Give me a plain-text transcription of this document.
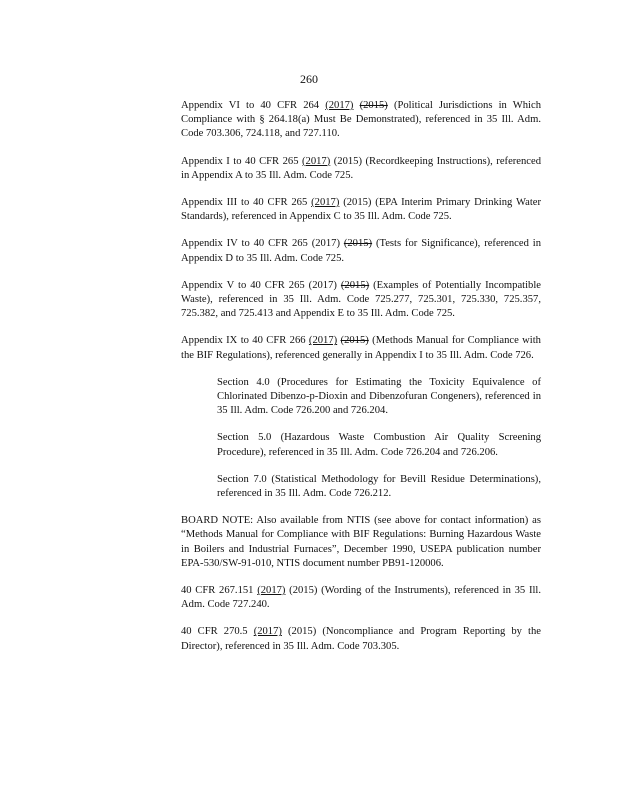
260

Appendix VI to 40 CFR 264 (2017) (2015) (Political Jurisdictions in Which Compliance with § 264.18(a) Must Be Demonstrated), referenced in 35 Ill. Adm. Code 703.306, 724.118, and 727.110.

Appendix I to 40 CFR 265 (2017) (2015) (Recordkeeping Instructions), referenced in Appendix A to 35 Ill. Adm. Code 725.

Appendix III to 40 CFR 265 (2017) (2015) (EPA Interim Primary Drinking Water Standards), referenced in Appendix C to 35 Ill. Adm. Code 725.

Appendix IV to 40 CFR 265 (2017) (2015) (Tests for Significance), referenced in Appendix D to 35 Ill. Adm. Code 725.

Appendix V to 40 CFR 265 (2017) (2015) (Examples of Potentially Incompatible Waste), referenced in 35 Ill. Adm. Code 725.277, 725.301, 725.330, 725.357, 725.382, and 725.413 and Appendix E to 35 Ill. Adm. Code 725.

Appendix IX to 40 CFR 266 (2017) (2015) (Methods Manual for Compliance with the BIF Regulations), referenced generally in Appendix I to 35 Ill. Adm. Code 726.

Section 4.0 (Procedures for Estimating the Toxicity Equivalence of Chlorinated Dibenzo-p-Dioxin and Dibenzofuran Congeners), referenced in 35 Ill. Adm. Code 726.200 and 726.204.

Section 5.0 (Hazardous Waste Combustion Air Quality Screening Procedure), referenced in 35 Ill. Adm. Code 726.204 and 726.206.

Section 7.0 (Statistical Methodology for Bevill Residue Determinations), referenced in 35 Ill. Adm. Code 726.212.

BOARD NOTE: Also available from NTIS (see above for contact information) as “Methods Manual for Compliance with BIF Regulations: Burning Hazardous Waste in Boilers and Industrial Furnaces”, December 1990, USEPA publication number EPA-530/SW-91-010, NTIS document number PB91-120006.

40 CFR 267.151 (2017) (2015) (Wording of the Instruments), referenced in 35 Ill. Adm. Code 727.240.

40 CFR 270.5 (2017) (2015) (Noncompliance and Program Reporting by the Director), referenced in 35 Ill. Adm. Code 703.305.
